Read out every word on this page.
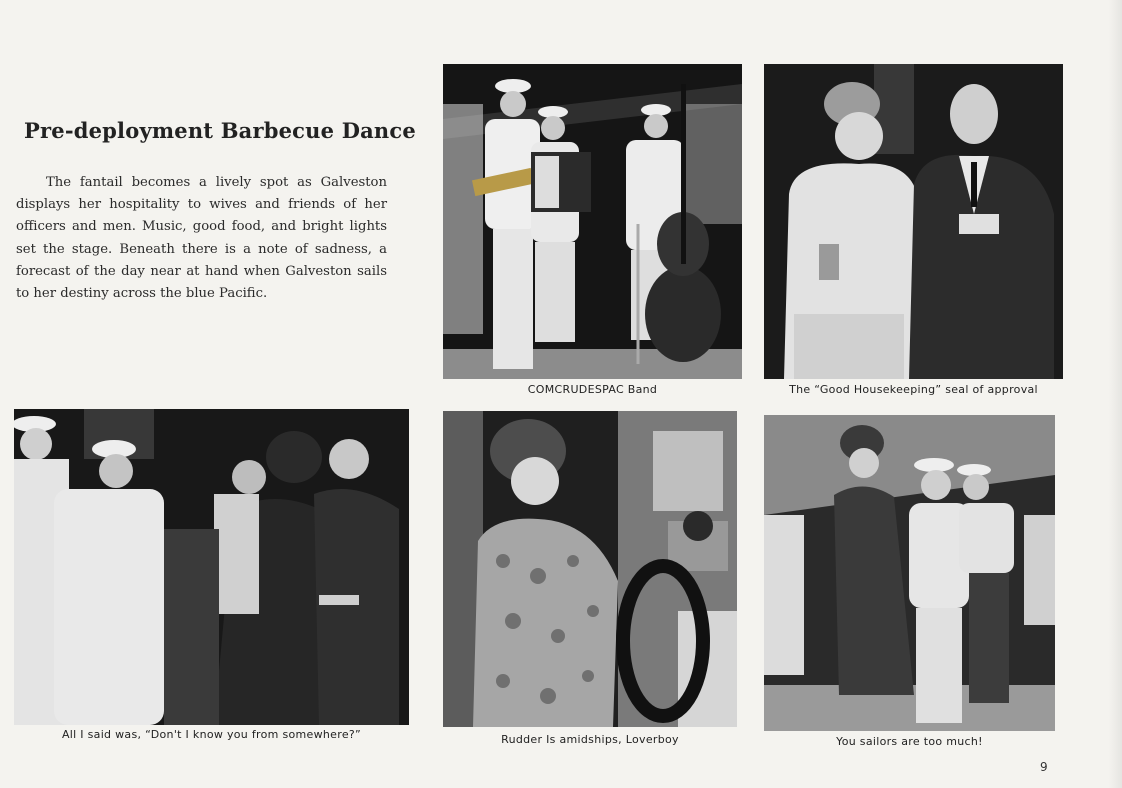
Pre-deployment Barbecue Dance

The fantail becomes a lively spot as Galveston displays her hospitality to wives and friends of her officers and men. Music, good food, and bright lights set the stage. Beneath there is a note of sadness, a forecast of the day near at hand when Galveston sails to her destiny across the blue Pacific.

COMCRUDESPAC Band	The “Good Housekeeping” seal of approval
All I said was, “Don't I know you from somewhere?”	Rudder Is amidships, Loverboy	You sailors are too much!
9
